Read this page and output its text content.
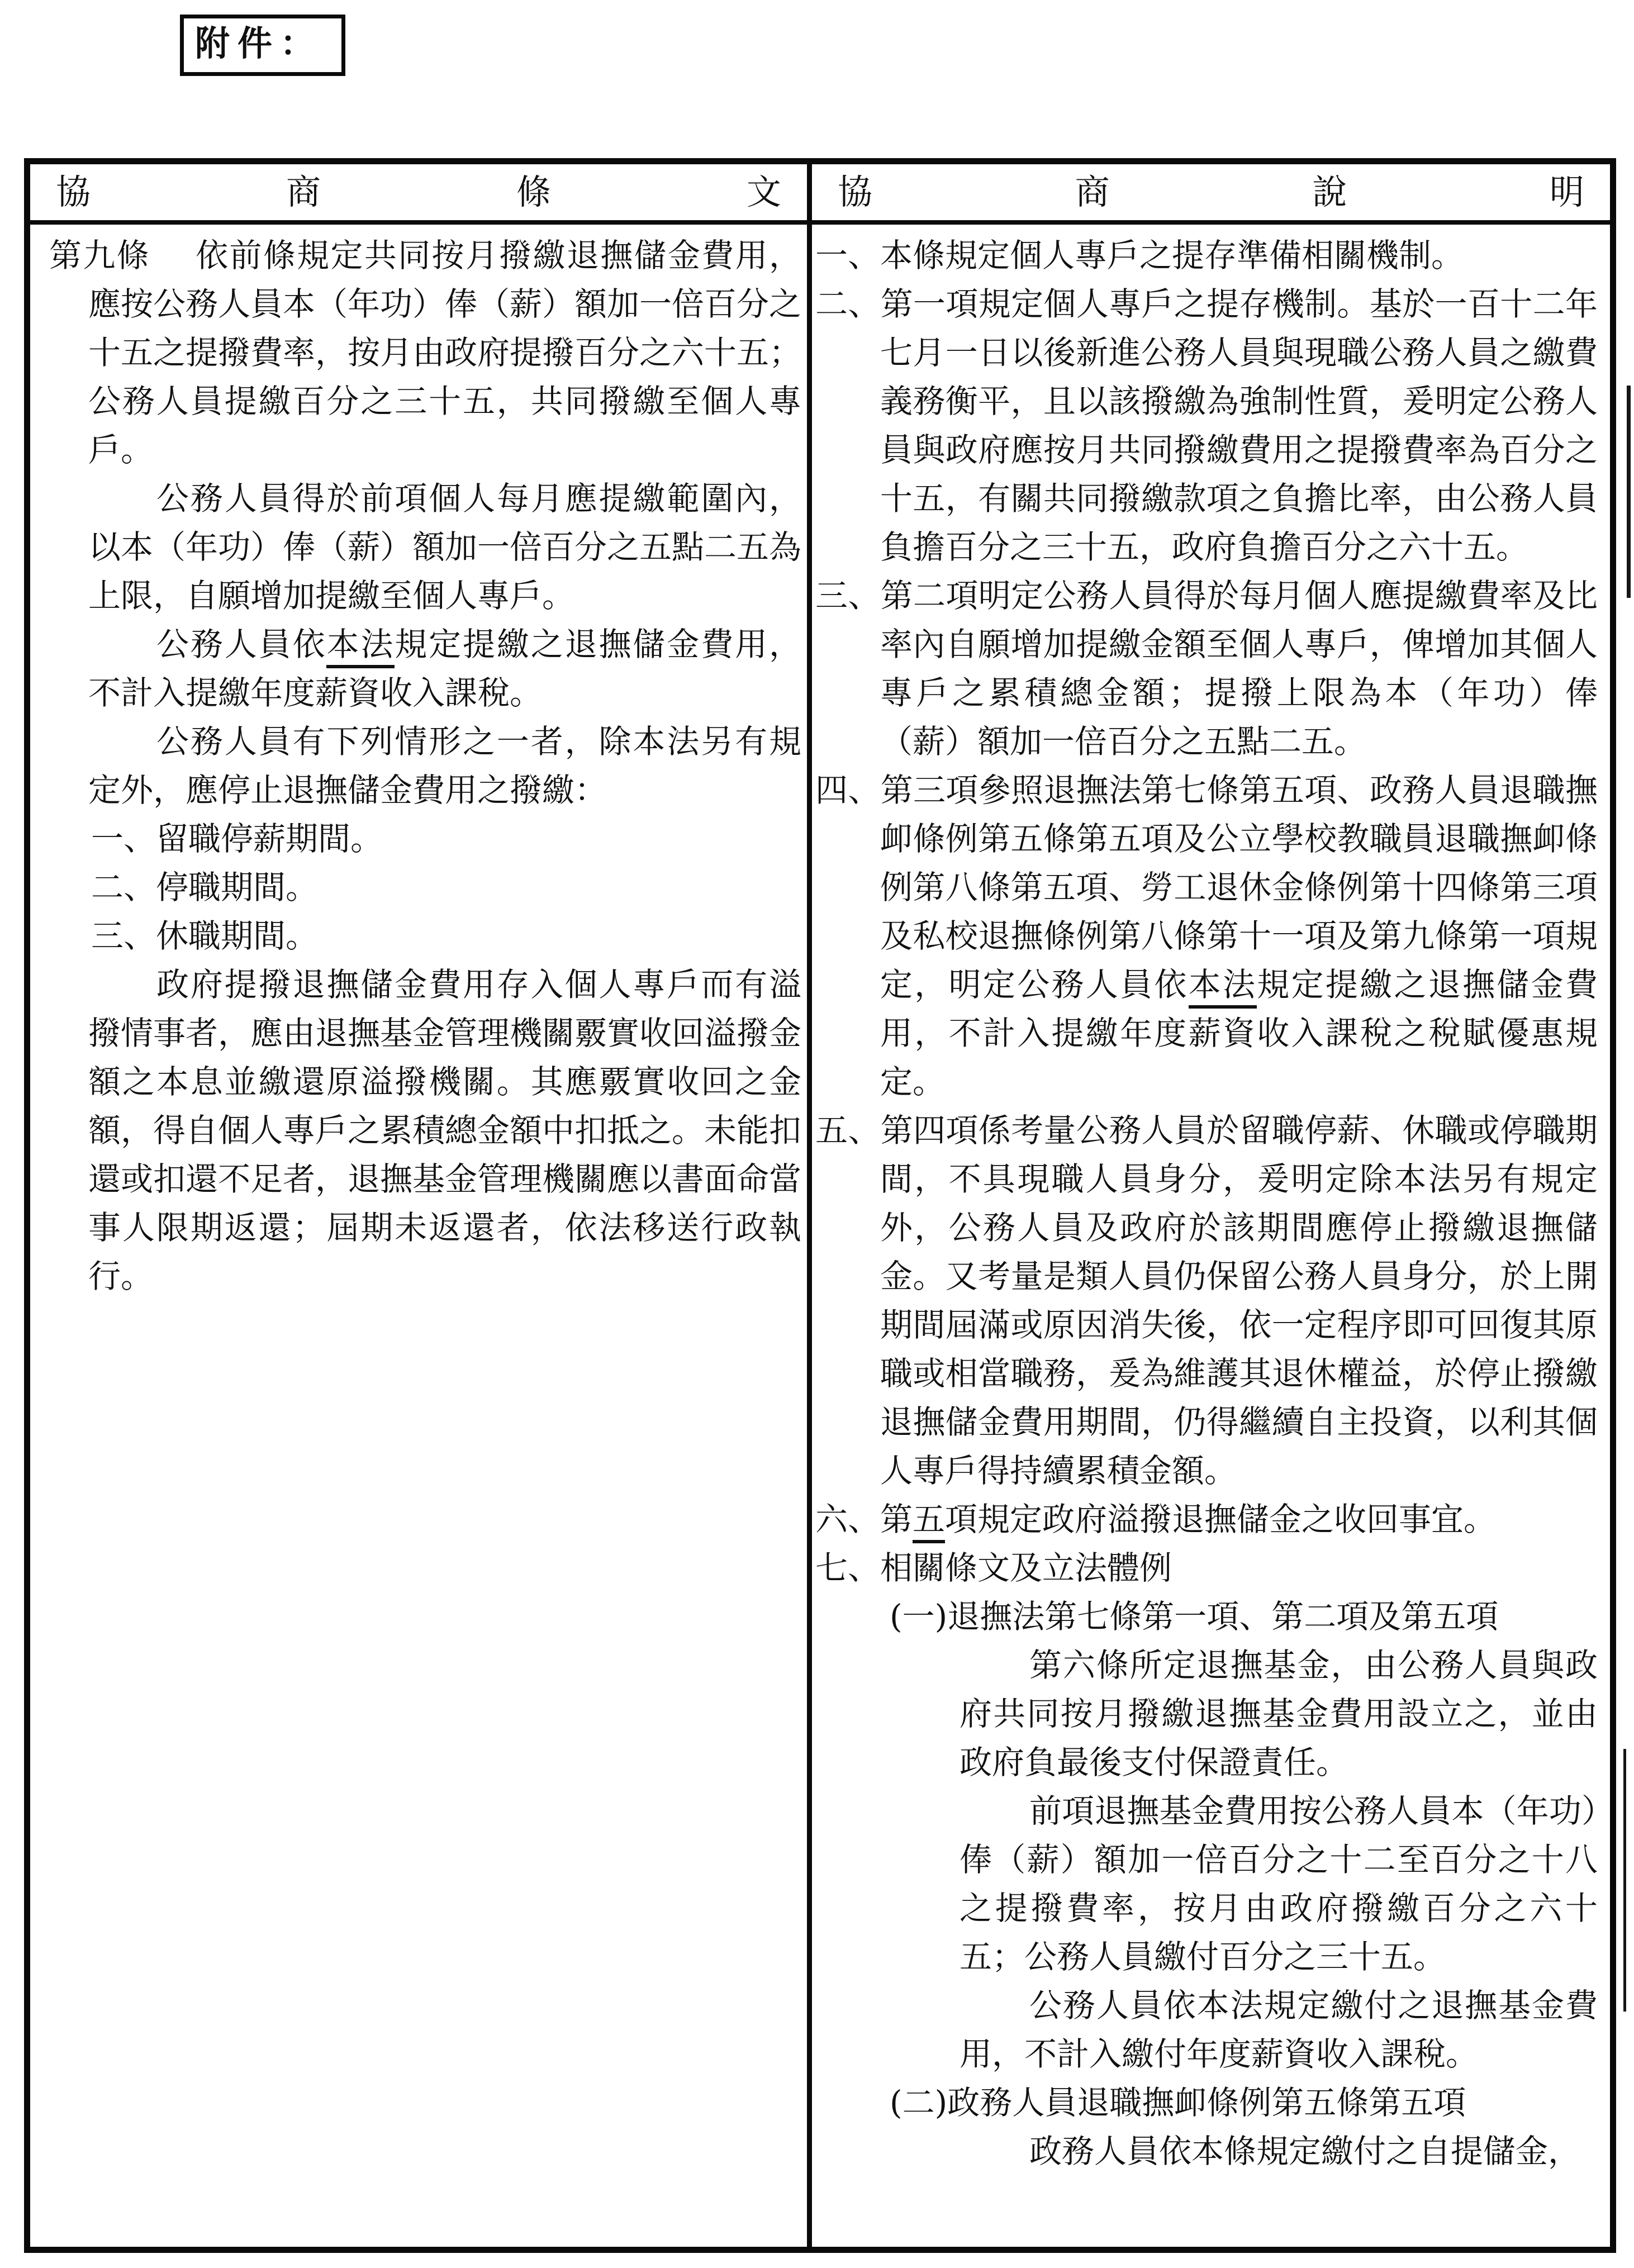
附件：
協商條文	協商說明

第九條　 依前條規定共同按月撥繳退撫儲金費用，應按公務人員本（年功）俸（薪）額加一倍百分之十五之提撥費率，按月由政府提撥百分之六十五；公務人員提繳百分之三十五，共同撥繳至個人專戶。

公務人員得於前項個人每月應提繳範圍內，以本（年功）俸（薪）額加一倍百分之五點二五為上限，自願增加提繳至個人專戶。

公務人員依本法規定提繳之退撫儲金費用，不計入提繳年度薪資收入課稅。

公務人員有下列情形之一者，除本法另有規定外，應停止退撫儲金費用之撥繳：

一、留職停薪期間。

二、停職期間。

三、休職期間。

政府提撥退撫儲金費用存入個人專戶而有溢撥情事者，應由退撫基金管理機關覈實收回溢撥金額之本息並繳還原溢撥機關。其應覈實收回之金額，得自個人專戶之累積總金額中扣抵之。未能扣還或扣還不足者，退撫基金管理機關應以書面命當事人限期返還；屆期未返還者，依法移送行政執行。

一、本條規定個人專戶之提存準備相關機制。

二、第一項規定個人專戶之提存機制。基於一百十二年七月一日以後新進公務人員與現職公務人員之繳費義務衡平，且以該撥繳為強制性質，爰明定公務人員與政府應按月共同撥繳費用之提撥費率為百分之十五，有關共同撥繳款項之負擔比率，由公務人員負擔百分之三十五，政府負擔百分之六十五。

三、第二項明定公務人員得於每月個人應提繳費率及比率內自願增加提繳金額至個人專戶，俾增加其個人專戶之累積總金額；提撥上限為本（年功）俸（薪）額加一倍百分之五點二五。

四、第三項參照退撫法第七條第五項、政務人員退職撫卹條例第五條第五項及公立學校教職員退職撫卹條例第八條第五項、勞工退休金條例第十四條第三項及私校退撫條例第八條第十一項及第九條第一項規定，明定公務人員依本法規定提繳之退撫儲金費用，不計入提繳年度薪資收入課稅之稅賦優惠規定。

五、第四項係考量公務人員於留職停薪、休職或停職期間，不具現職人員身分，爰明定除本法另有規定外，公務人員及政府於該期間應停止撥繳退撫儲金。又考量是類人員仍保留公務人員身分，於上開期間屆滿或原因消失後，依一定程序即可回復其原職或相當職務，爰為維護其退休權益，於停止撥繳退撫儲金費用期間，仍得繼續自主投資，以利其個人專戶得持續累積金額。

六、第五項規定政府溢撥退撫儲金之收回事宜。

七、相關條文及立法體例

(一)退撫法第七條第一項、第二項及第五項

第六條所定退撫基金，由公務人員與政府共同按月撥繳退撫基金費用設立之，並由政府負最後支付保證責任。

前項退撫基金費用按公務人員本（年功）俸（薪）額加一倍百分之十二至百分之十八之提撥費率，按月由政府撥繳百分之六十五；公務人員繳付百分之三十五。

公務人員依本法規定繳付之退撫基金費用，不計入繳付年度薪資收入課稅。

(二)政務人員退職撫卹條例第五條第五項

政務人員依本條規定繳付之自提儲金，
